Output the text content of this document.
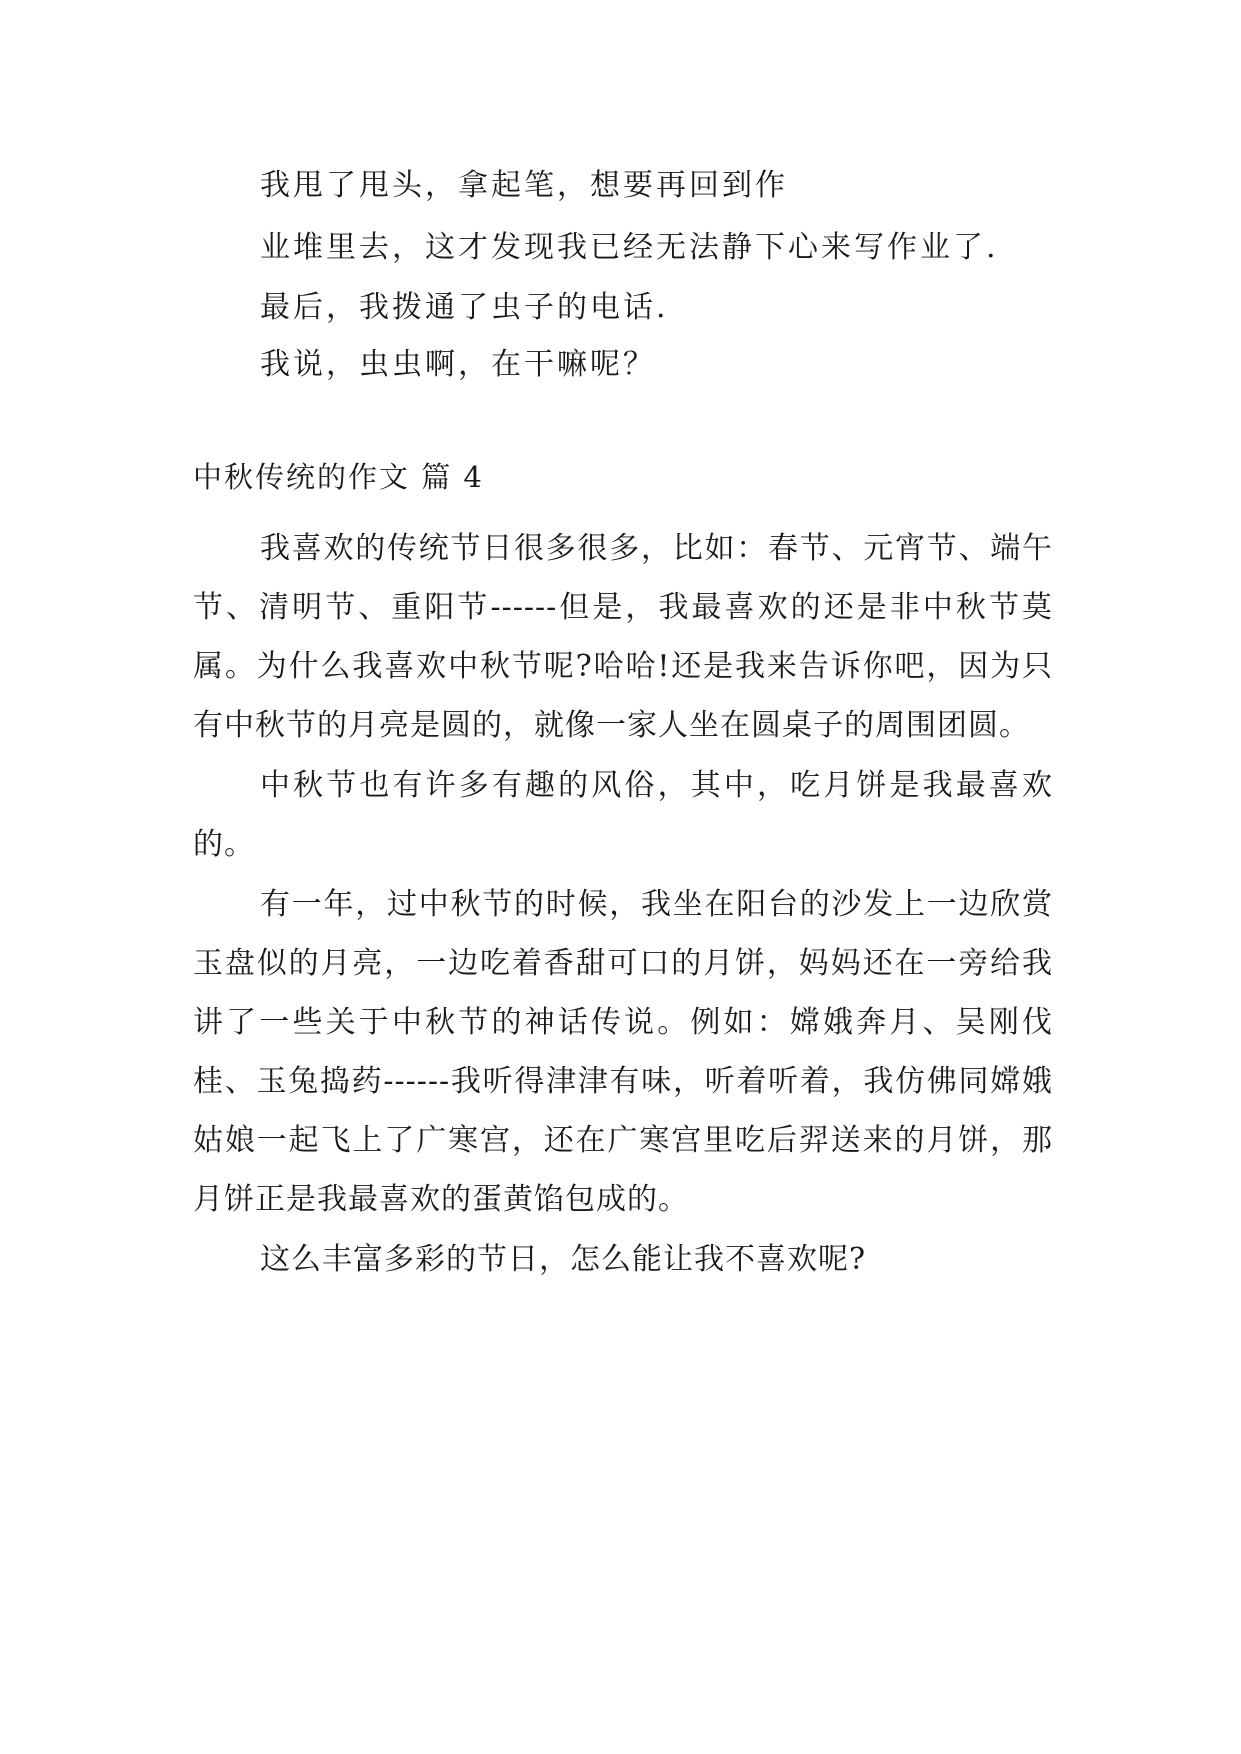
我甩了甩头，拿起笔，想要再回到作
业堆里去，这才发现我已经无法静下心来写作业了.
最后，我拨通了虫子的电话.
我说，虫虫啊，在干嘛呢？
中秋传统的作文 篇 4

我喜欢的传统节日很多很多，比如：春节、元宵节、端午节、清明节、重阳节------但是，我最喜欢的还是非中秋节莫属。为什么我喜欢中秋节呢?哈哈!还是我来告诉你吧，因为只有中秋节的月亮是圆的，就像一家人坐在圆桌子的周围团圆。

中秋节也有许多有趣的风俗，其中，吃月饼是我最喜欢的。

有一年，过中秋节的时候，我坐在阳台的沙发上一边欣赏玉盘似的月亮，一边吃着香甜可口的月饼，妈妈还在一旁给我讲了一些关于中秋节的神话传说。例如：嫦娥奔月、吴刚伐桂、玉兔捣药------我听得津津有味，听着听着，我仿佛同嫦娥姑娘一起飞上了广寒宫，还在广寒宫里吃后羿送来的月饼，那月饼正是我最喜欢的蛋黄馅包成的。

这么丰富多彩的节日，怎么能让我不喜欢呢?
